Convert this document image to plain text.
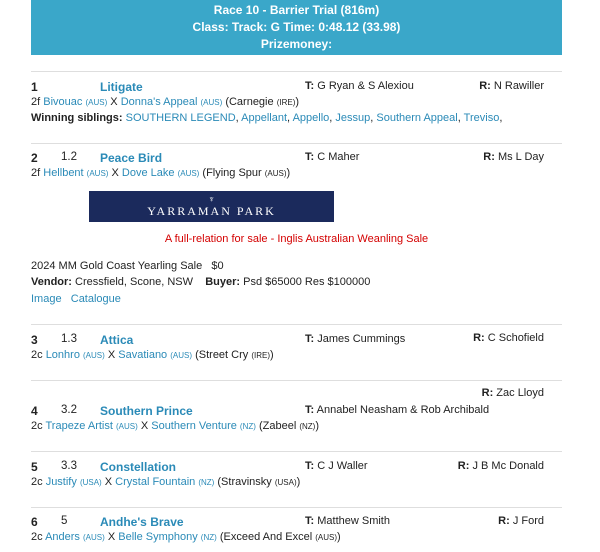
Race 10 - Barrier Trial (816m)
Class: Track: G Time: 0:48.12 (33.98)
Prizemoney:
1	Litigate	T: G Ryan & S Alexiou	R: N Rawiller
2f Bivouac (AUS) X Donna's Appeal (AUS) (Carnegie (IRE))
Winning siblings: SOUTHERN LEGEND, Appellant, Appello, Jessup, Southern Appeal, Treviso,
2 1.2 Peace Bird	T: C Maher	R: Ms L Day
2f Hellbent (AUS) X Dove Lake (AUS) (Flying Spur (AUS))
♆
YARRAMAN PARK
A full-relation for sale - Inglis Australian Weanling Sale
2024 MM Gold Coast Yearling Sale $0
Vendor: Cressfield, Scone, NSW Buyer: Psd $65000 Res $100000
Image Catalogue
3 1.3 Attica	T: James Cummings	R: C Schofield
2c Lonhro (AUS) X Savatiano (AUS) (Street Cry (IRE))
4 3.2 Southern Prince	T: Annabel Neasham & Rob Archibald
R: Zac Lloyd
2c Trapeze Artist (AUS) X Southern Venture (NZ) (Zabeel (NZ))
5 3.3 Constellation	T: C J Waller	R: J B Mc Donald
2c Justify (USA) X Crystal Fountain (NZ) (Stravinsky (USA))
6 5	Andhe's Brave	T: Matthew Smith	R: J Ford
2c Anders (AUS) X Belle Symphony (NZ) (Exceed And Excel (AUS))
